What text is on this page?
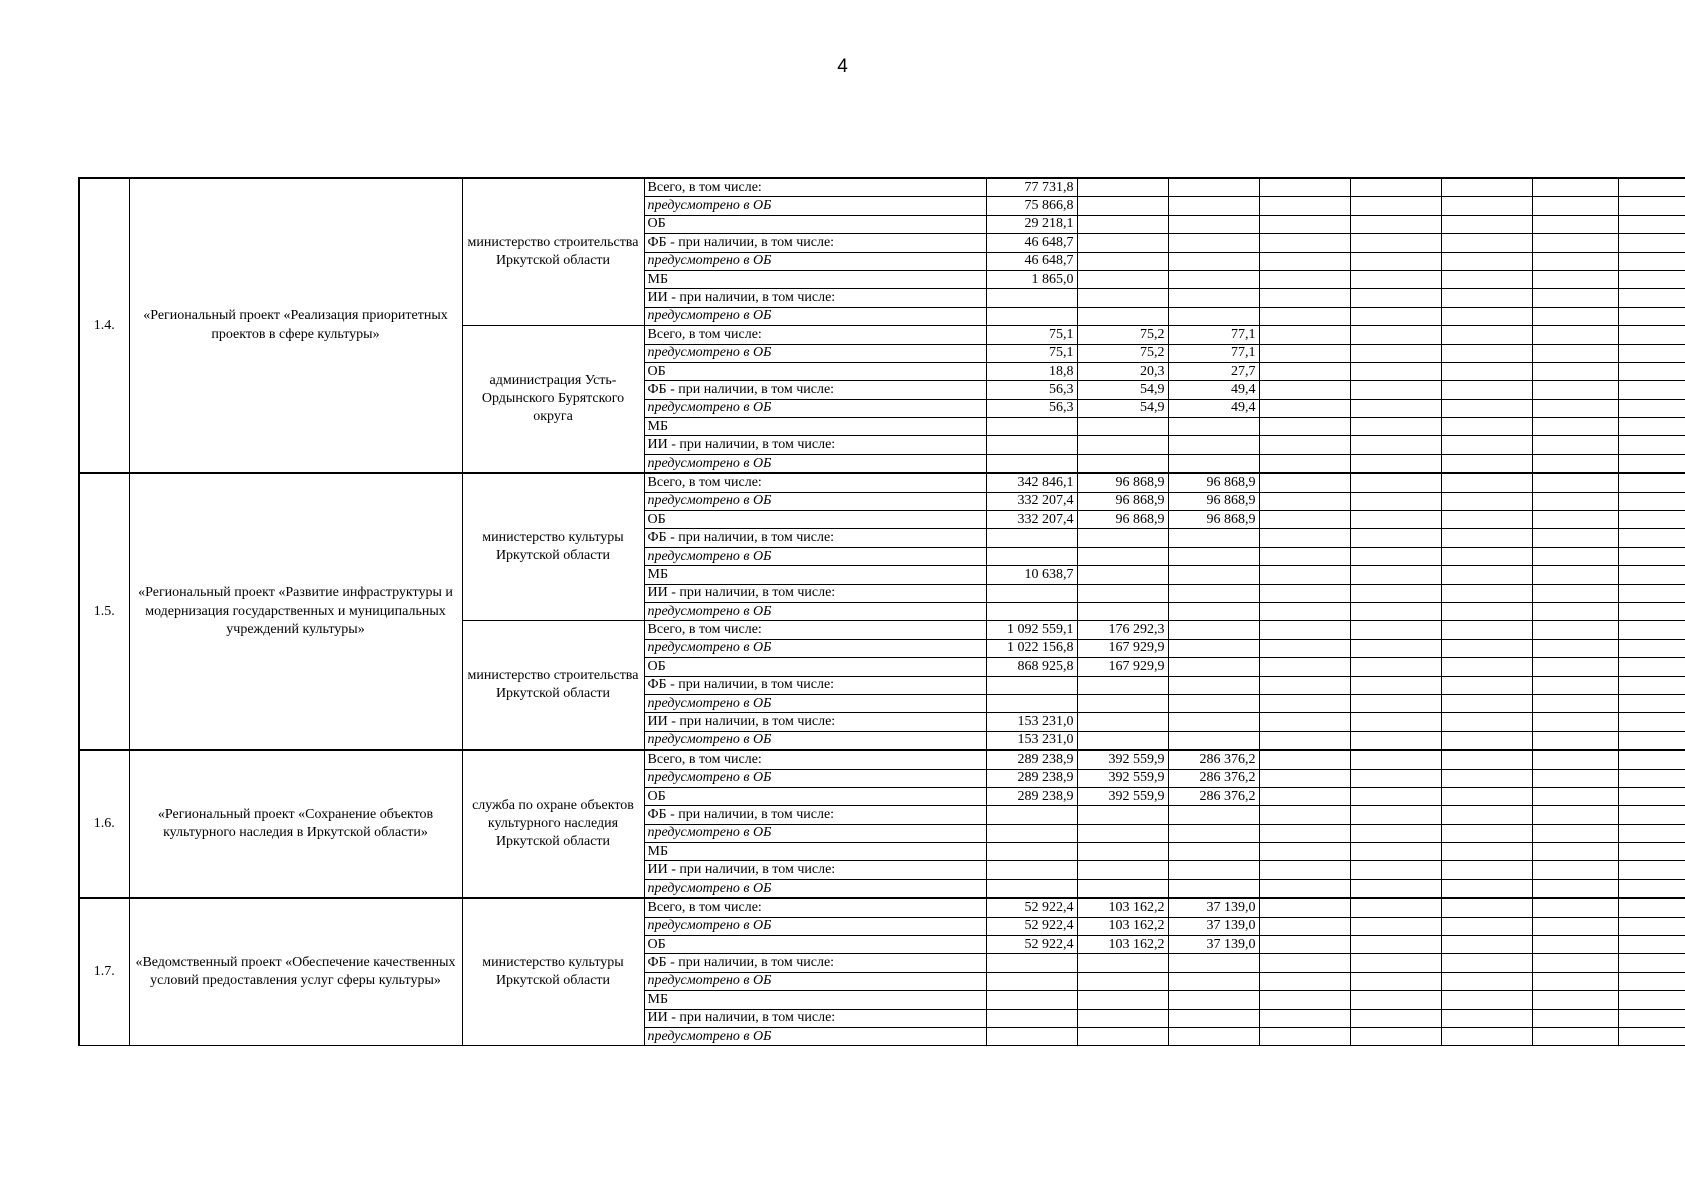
4
1.4.	«Региональный проект «Реализация приоритетных проектов в сфере культуры»	министерство строительства Иркутской области	Всего, в том числе:	77 731,8							
			предусмотрено в ОБ	75 866,8							
			ОБ	29 218,1							
			ФБ - при наличии, в том числе:	46 648,7							
			предусмотрено в ОБ	46 648,7							
			МБ	1 865,0							
			ИИ - при наличии, в том числе:								
			предусмотрено в ОБ								
		администрация Усть-Ордынского Бурятского округа	Всего, в том числе:	75,1	75,2	77,1					
			предусмотрено в ОБ	75,1	75,2	77,1					
			ОБ	18,8	20,3	27,7					
			ФБ - при наличии, в том числе:	56,3	54,9	49,4					
			предусмотрено в ОБ	56,3	54,9	49,4					
			МБ								
			ИИ - при наличии, в том числе:								
			предусмотрено в ОБ								
1.5.	«Региональный проект «Развитие инфраструктуры и модернизация государственных и муниципальных учреждений культуры»	министерство культуры Иркутской области	Всего, в том числе:	342 846,1	96 868,9	96 868,9					
			предусмотрено в ОБ	332 207,4	96 868,9	96 868,9					
			ОБ	332 207,4	96 868,9	96 868,9					
			ФБ - при наличии, в том числе:								
			предусмотрено в ОБ								
			МБ	10 638,7							
			ИИ - при наличии, в том числе:								
			предусмотрено в ОБ								
		министерство строительства Иркутской области	Всего, в том числе:	1 092 559,1	176 292,3						
			предусмотрено в ОБ	1 022 156,8	167 929,9						
			ОБ	868 925,8	167 929,9						
			ФБ - при наличии, в том числе:								
			предусмотрено в ОБ								
			ИИ - при наличии, в том числе:	153 231,0							
			предусмотрено в ОБ	153 231,0							
1.6.	«Региональный проект «Сохранение объектов культурного наследия в Иркутской области»	служба по охране объектов культурного наследия Иркутской области	Всего, в том числе:	289 238,9	392 559,9	286 376,2					
			предусмотрено в ОБ	289 238,9	392 559,9	286 376,2					
			ОБ	289 238,9	392 559,9	286 376,2					
			ФБ - при наличии, в том числе:								
			предусмотрено в ОБ								
			МБ								
			ИИ - при наличии, в том числе:								
			предусмотрено в ОБ								
1.7.	«Ведомственный проект «Обеспечение качественных условий предоставления услуг сферы культуры»	министерство культуры Иркутской области	Всего, в том числе:	52 922,4	103 162,2	37 139,0					
			предусмотрено в ОБ	52 922,4	103 162,2	37 139,0					
			ОБ	52 922,4	103 162,2	37 139,0					
			ФБ - при наличии, в том числе:								
			предусмотрено в ОБ								
			МБ								
			ИИ - при наличии, в том числе:								
			предусмотрено в ОБ								
